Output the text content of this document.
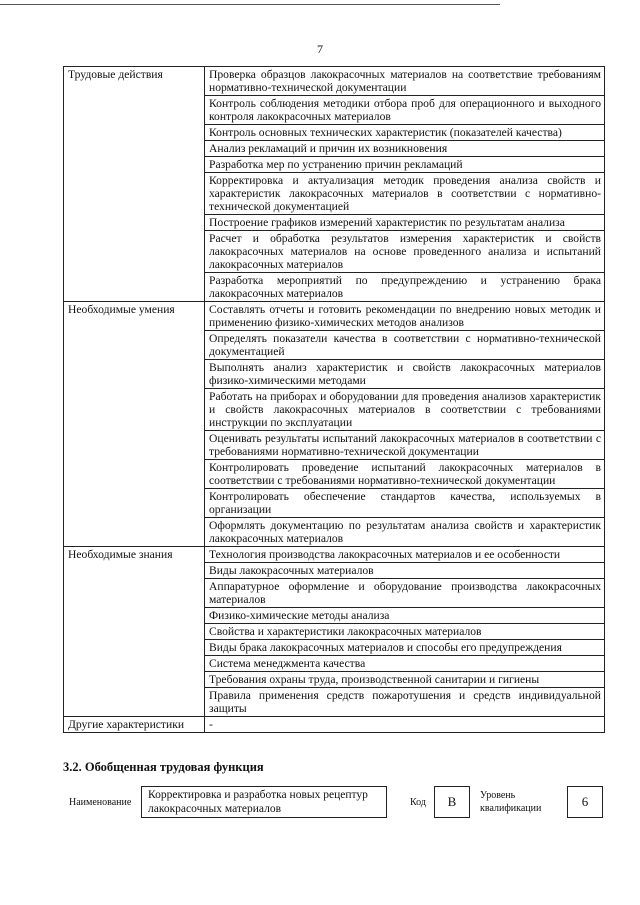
7
Трудовые действия	Проверка образцов лакокрасочных материалов на соответствие требованиям нормативно-технической документации
	Контроль соблюдения методики отбора проб для операционного и выходного контроля лакокрасочных материалов
	Контроль основных технических характеристик (показателей качества)
	Анализ рекламаций и причин их возникновения
	Разработка мер по устранению причин рекламаций
	Корректировка и актуализация методик проведения анализа свойств и характеристик лакокрасочных материалов в соответствии с нормативно-технической документацией
	Построение графиков измерений характеристик по результатам анализа
	Расчет и обработка результатов измерения характеристик и свойств лакокрасочных материалов на основе проведенного анализа и испытаний лакокрасочных материалов
	Разработка мероприятий по предупреждению и устранению брака лакокрасочных материалов
Необходимые умения	Составлять отчеты и готовить рекомендации по внедрению новых методик и применению физико-химических методов анализов
	Определять показатели качества в соответствии с нормативно-технической документацией
	Выполнять анализ характеристик и свойств лакокрасочных материалов физико-химическими методами
	Работать на приборах и оборудовании для проведения анализов характеристик и свойств лакокрасочных материалов в соответствии с требованиями инструкции по эксплуатации
	Оценивать результаты испытаний лакокрасочных материалов в соответствии с требованиями нормативно-технической документации
	Контролировать проведение испытаний лакокрасочных материалов в соответствии с требованиями нормативно-технической документации
	Контролировать обеспечение стандартов качества, используемых в организации
	Оформлять документацию по результатам анализа свойств и характеристик лакокрасочных материалов
Необходимые знания	Технология производства лакокрасочных материалов и ее особенности
	Виды лакокрасочных материалов
	Аппаратурное оформление и оборудование производства лакокрасочных материалов
	Физико-химические методы анализа
	Свойства и характеристики лакокрасочных материалов
	Виды брака лакокрасочных материалов и способы его предупреждения
	Система менеджмента качества
	Требования охраны труда, производственной санитарии и гигиены
	Правила применения средств пожаротушения и средств индивидуальной защиты
Другие характеристики	-
3.2. Обобщенная трудовая функция
Наименование
Корректировка и разработка новых рецептур лакокрасочных материалов	Код	В	Уровень квалификации	6
